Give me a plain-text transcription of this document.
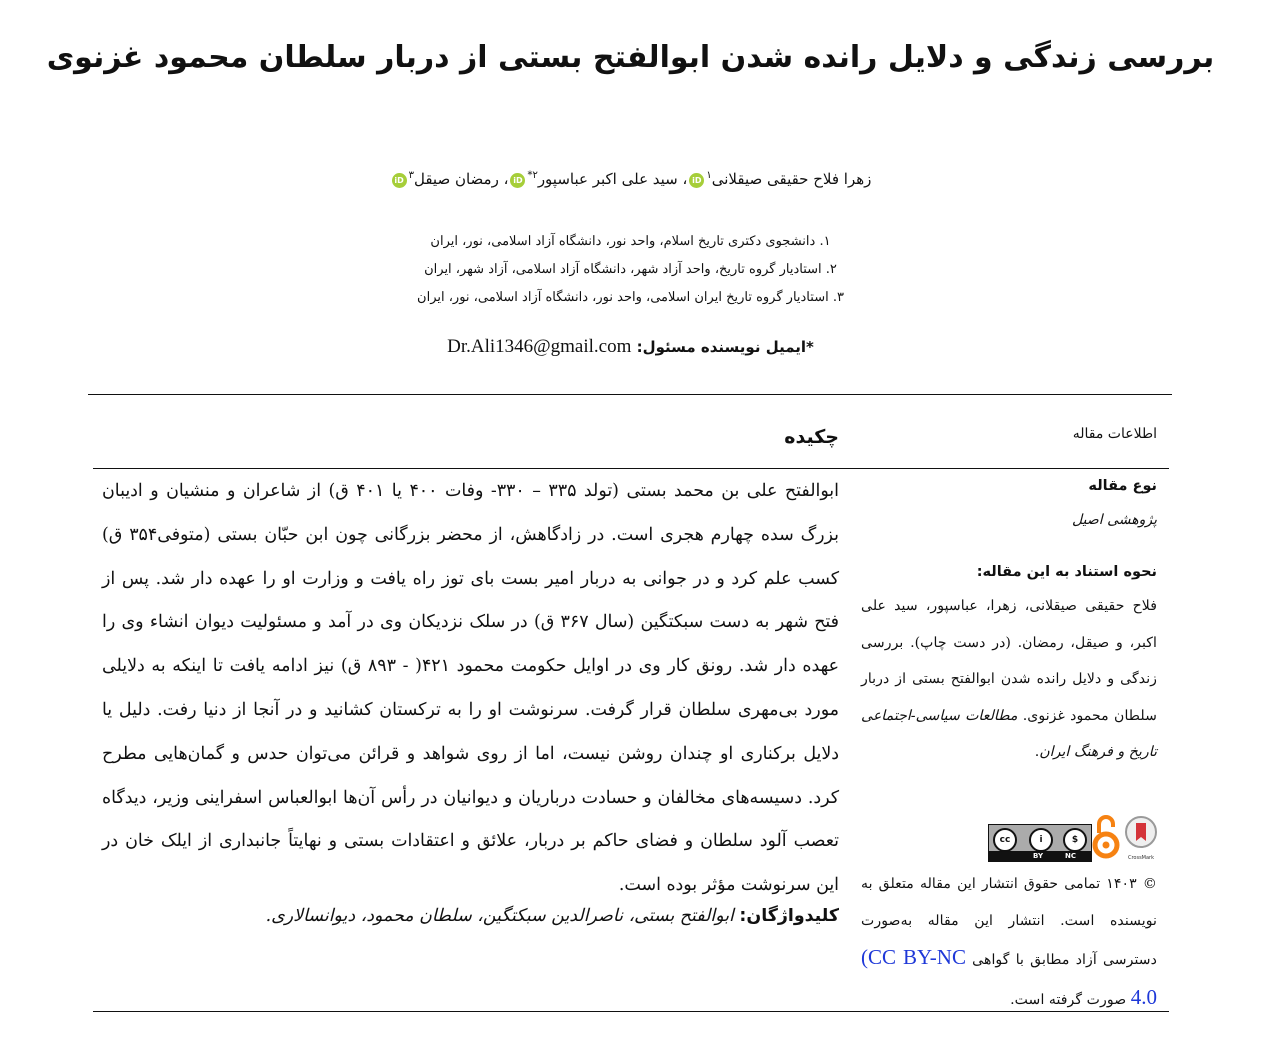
بررسی زندگی و دلایل رانده شدن ابوالفتح بستی از دربار سلطان محمود غزنوی
زهرا فلاح حقیقی صیقلانی$^۱$iD، سید علی اکبر عباسپور$^{۲*}$iD، رمضان صیقل$^۳$iD
۱. دانشجوی دکتری تاریخ اسلام، واحد نور، دانشگاه آزاد اسلامی، نور، ایران
۲. استادیار گروه تاریخ، واحد آزاد شهر، دانشگاه آزاد اسلامی، آزاد شهر، ایران
۳. استادیار گروه تاریخ ایران اسلامی، واحد نور، دانشگاه آزاد اسلامی، نور، ایران
*ایمیل نویسنده مسئول: Dr.Ali1346@gmail.com
اطلاعات مقاله
چکیده

ابوالفتح علی بن محمد بستی (تولد ۳۳۵ – ۳۳۰- وفات ۴۰۰ یا ۴۰۱ ق) از شاعران و منشیان و ادیبان بزرگ سده چهارم هجری است. در زادگاهش، از محضر بزرگانی چون ابن حبّان بستی (متوفی‌۳۵۴ ق) کسب علم کرد و در جوانی به دربار امیر بست بای توز راه یافت و وزارت او را عهده دار شد. پس از فتح شهر به دست سبکتگین (سال ۳۶۷ ق) در سلک نزدیکان وی در آمد و مسئولیت دیوان انشاء وی را عهده دار شد. رونق کار وی در اوایل حکومت محمود ۴۲۱( - ۸۹۳ ق) نیز ادامه یافت تا اینکه به دلایلی مورد بی‌مهری سلطان قرار گرفت. سرنوشت او را به ترکستان کشانید و در آنجا از دنیا رفت. دلیل یا دلایل برکناری او چندان روشن نیست، اما از روی شواهد و قرائن می‌توان حدس و گمان‌هایی مطرح کرد. دسیسه‌های مخالفان و حسادت درباریان و دیوانیان در رأس آن‌ها ابوالعباس اسفراینی وزیر، دیدگاه تعصب آلود سلطان و فضای حاکم بر دربار، علائق و اعتقادات بستی و نهایتاً جانبداری از ایلک خان در این سرنوشت مؤثر بوده است.

کلیدواژگان: ابوالفتح بستی، ناصرالدین سبکتگین، سلطان محمود، دیوانسالاری.
نوع مقاله
پژوهشی اصیل
نحوه استناد به این مقاله:
فلاح حقیقی صیقلانی، زهرا، عباسپور، سید علی اکبر، و صیقل، رمضان. (در دست چاپ). بررسی زندگی و دلایل رانده شدن ابوالفتح بستی از دربار سلطان محمود غزنوی. مطالعات سیاسی-اجتماعی تاریخ و فرهنگ ایران.
cc	i	$
BY	NC	CrossMark
© ۱۴۰۳ تمامی حقوق انتشار این مقاله متعلق به نویسنده است. انتشار این مقاله به‌صورت دسترسی آزاد مطابق با گواهی (CC BY-NC 4.0 صورت گرفته است.
